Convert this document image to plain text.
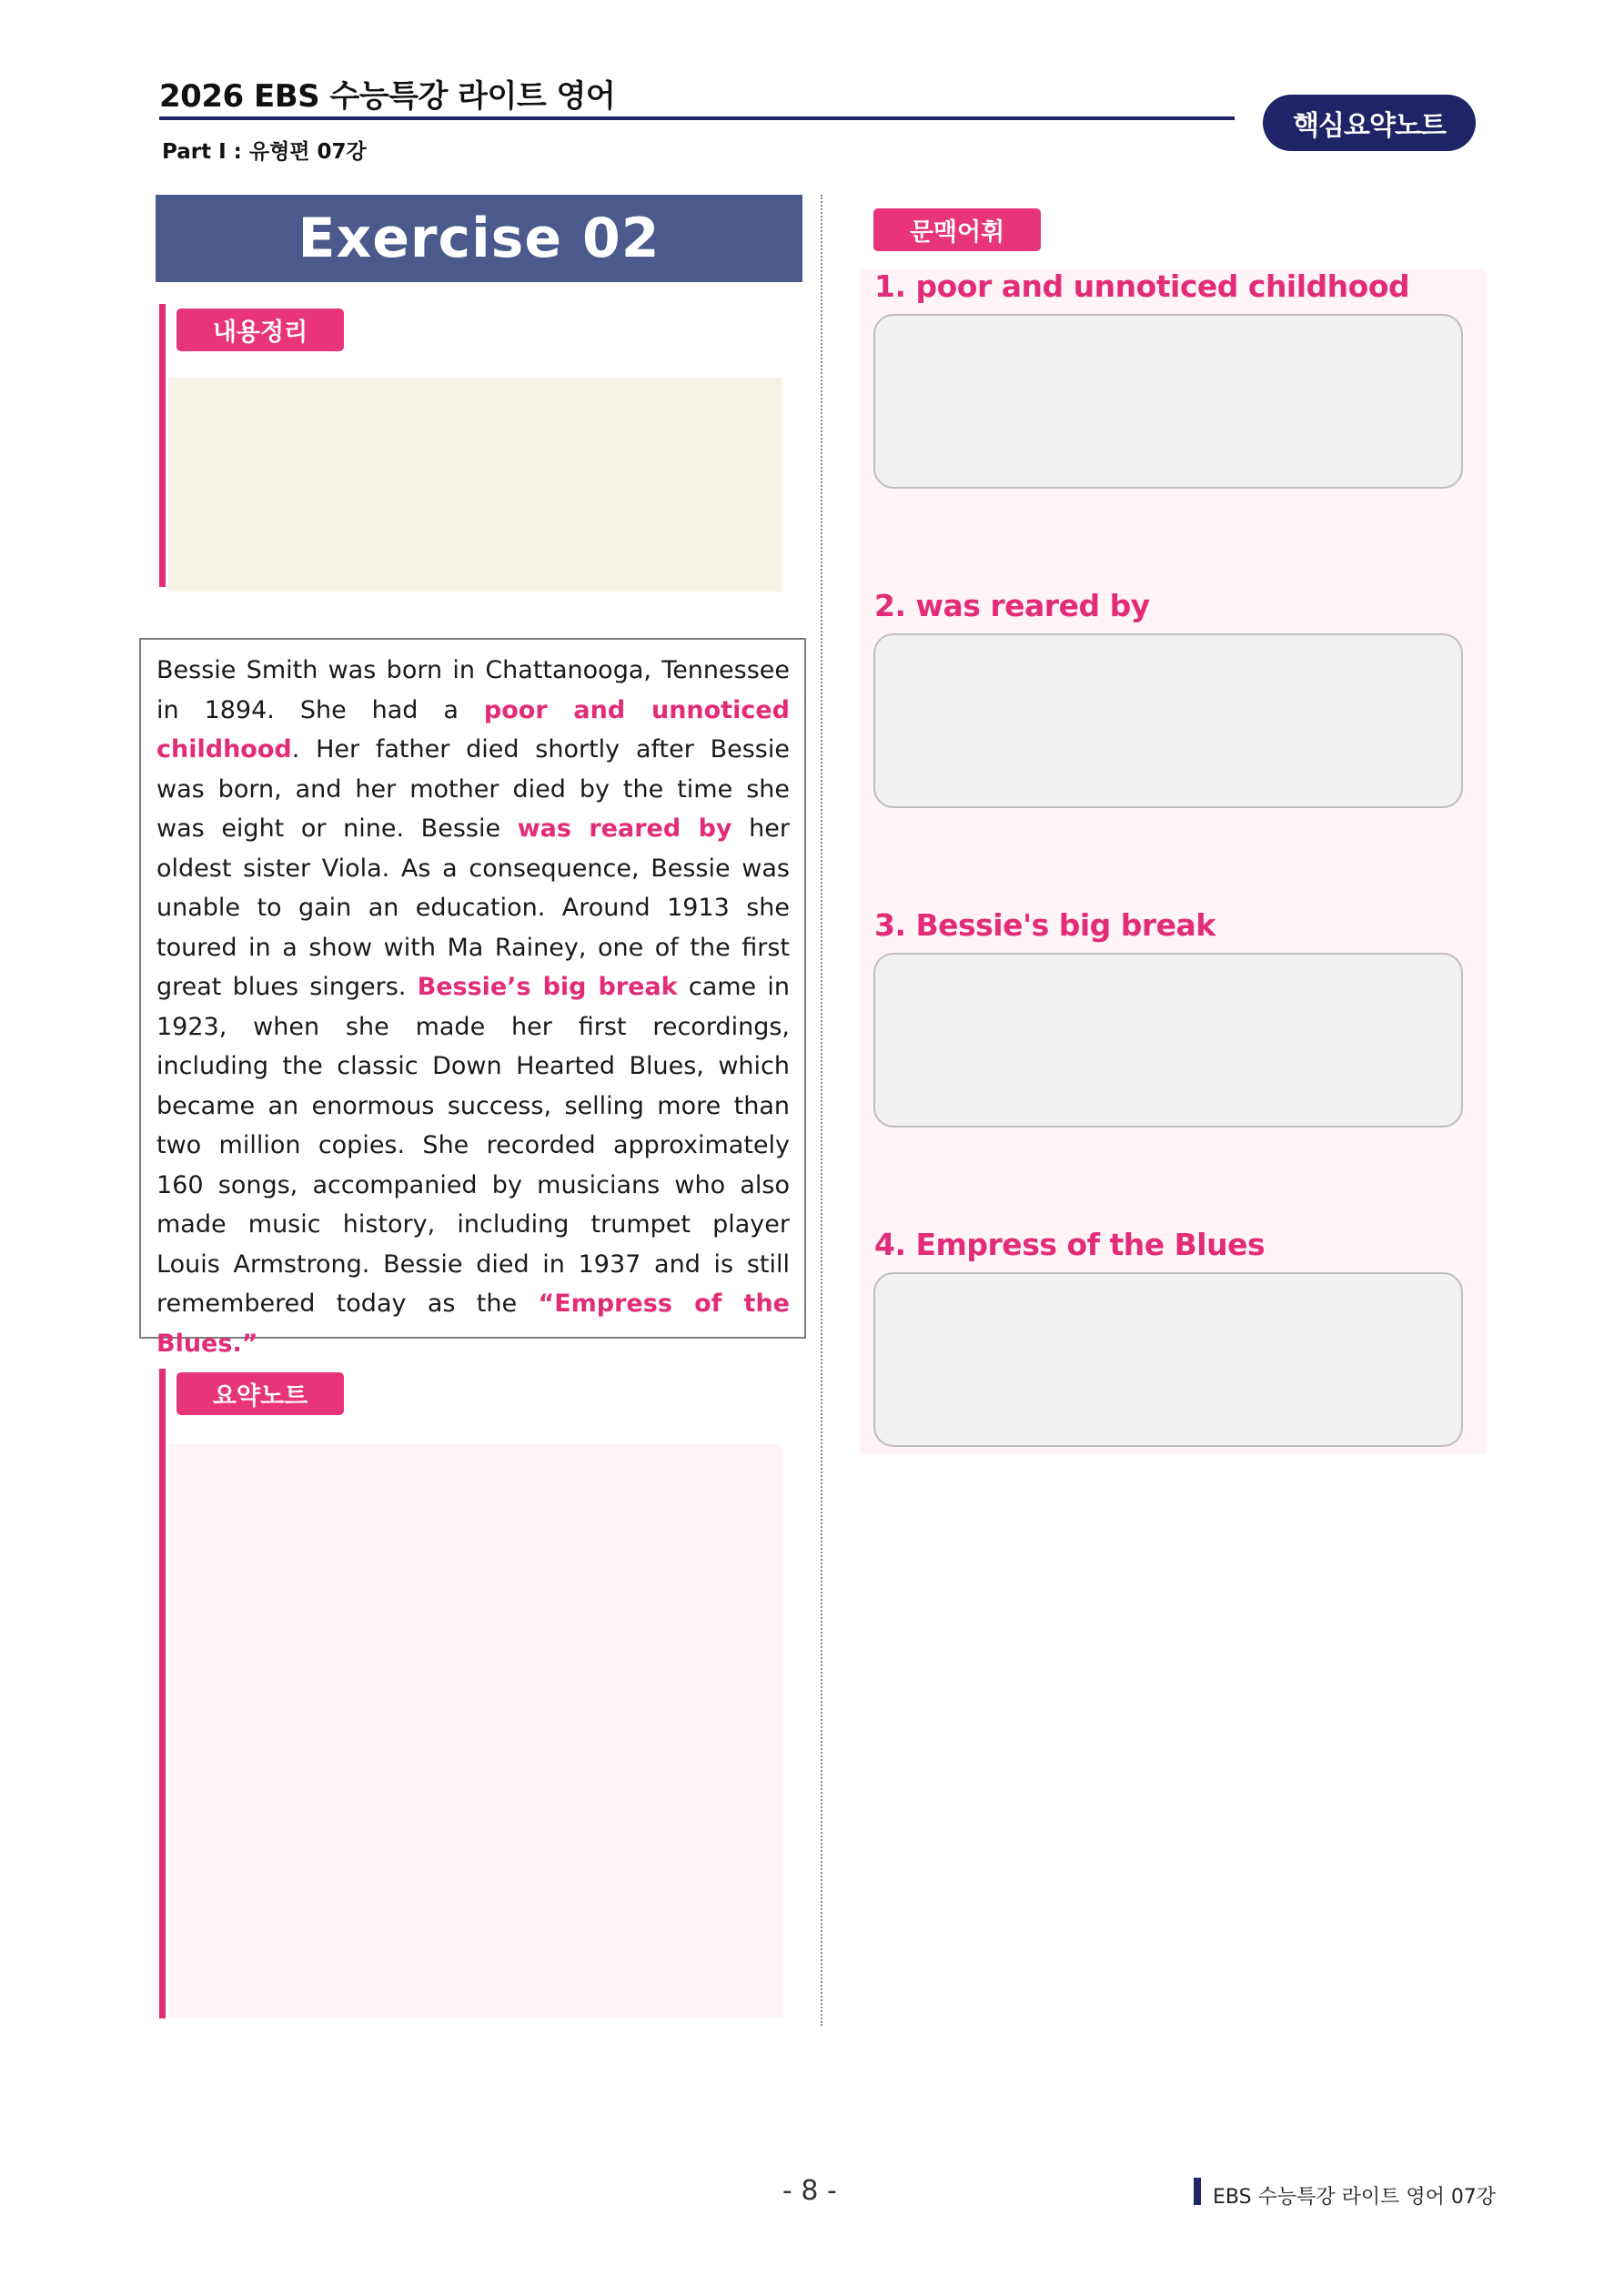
2026 EBS 수능특강 라이트 영어
Part Ⅰ : 유형편 07강
핵심요약노트
Exercise 02
내용정리
Bessie Smith was born in Chattanooga, Tennessee in 1894. She had a poor and unnoticed childhood. Her father died shortly after Bessie was born, and her mother died by the time she was eight or nine. Bessie was reared by her oldest sister Viola. As a consequence, Bessie was unable to gain an education. Around 1913 she toured in a show with Ma Rainey, one of the first great blues singers. Bessie’s big break came in 1923, when she made her first recordings, including the classic Down Hearted Blues, which became an enormous success, selling more than two million copies. She recorded approximately 160 songs, accompanied by musicians who also made music history, including trumpet player Louis Armstrong. Bessie died in 1937 and is still remembered today as the “Empress of the Blues.”
요약노트
문맥어휘
1. poor and unnoticed childhood
2. was reared by
3. Bessie's big break
4. Empress of the Blues
- 8 -	EBS 수능특강 라이트 영어 07강
